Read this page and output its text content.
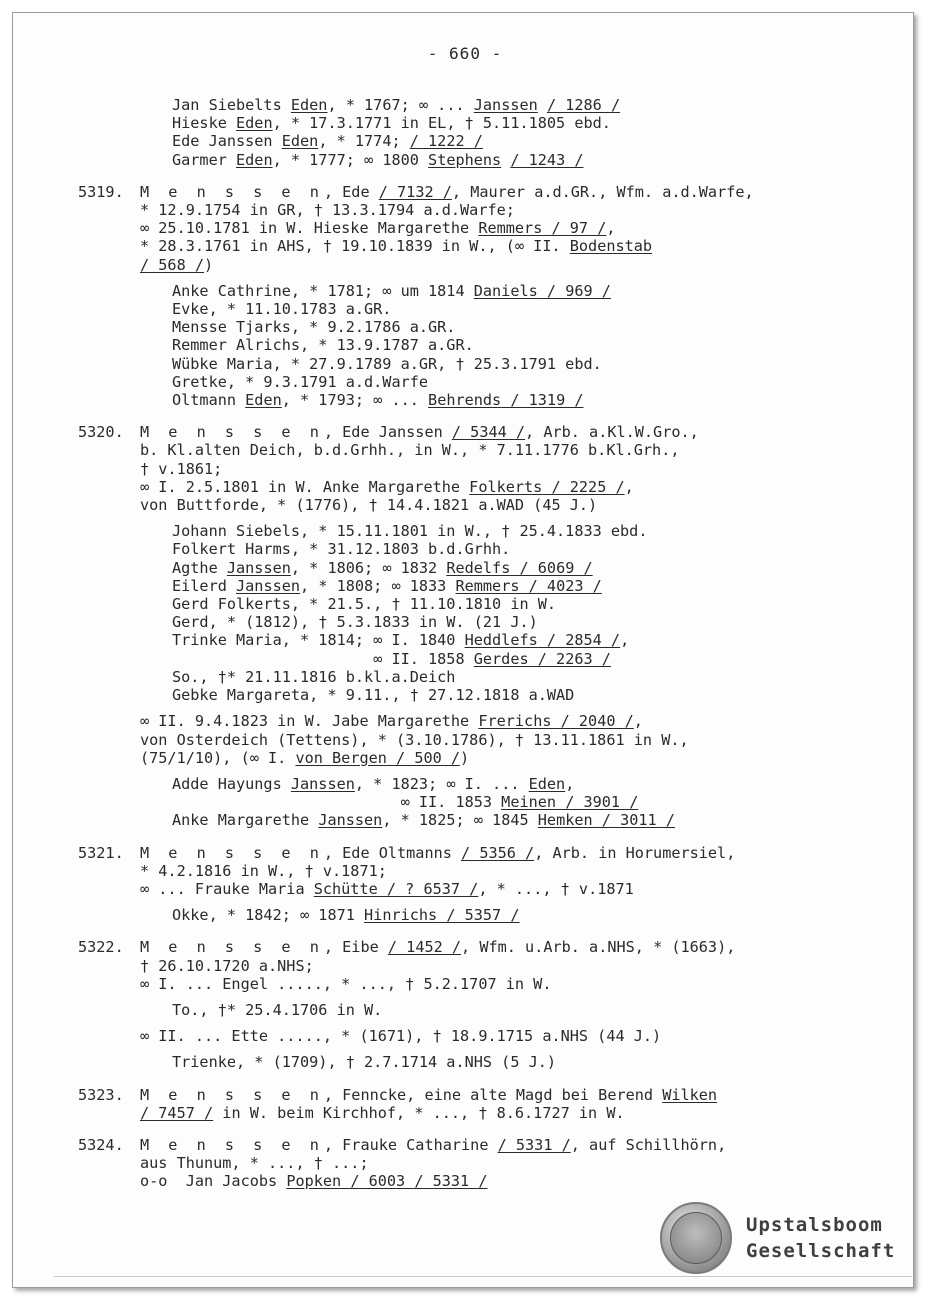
- 660 -
Jan Siebelts Eden, * 1767; ∞ ... Janssen / 1286 /
Hieske Eden, * 17.3.1771 in EL, † 5.11.1805 ebd.
Ede Janssen Eden, * 1774; / 1222 /
Garmer Eden, * 1777; ∞ 1800 Stephens / 1243 /
5319.	M e n s s e n, Ede / 7132 /, Maurer a.d.GR., Wfm. a.d.Warfe,
* 12.9.1754 in GR, † 13.3.1794 a.d.Warfe;
∞ 25.10.1781 in W. Hieske Margarethe Remmers / 97 /,
* 28.3.1761 in AHS, † 19.10.1839 in W., (∞ II. Bodenstab
/ 568 /)
Anke Cathrine, * 1781; ∞ um 1814 Daniels / 969 /
Evke, * 11.10.1783 a.GR.
Mensse Tjarks, * 9.2.1786 a.GR.
Remmer Alrichs, * 13.9.1787 a.GR.
Wübke Maria, * 27.9.1789 a.GR, † 25.3.1791 ebd.
Gretke, * 9.3.1791 a.d.Warfe
Oltmann Eden, * 1793; ∞ ... Behrends / 1319 /
5320.	M e n s s e n, Ede Janssen / 5344 /, Arb. a.Kl.W.Gro.,
b. Kl.alten Deich, b.d.Grhh., in W., * 7.11.1776 b.Kl.Grh.,
† v.1861;
∞ I. 2.5.1801 in W. Anke Margarethe Folkerts / 2225 /,
von Buttforde, * (1776), † 14.4.1821 a.WAD (45 J.)
Johann Siebels, * 15.11.1801 in W., † 25.4.1833 ebd.
Folkert Harms, * 31.12.1803 b.d.Grhh.
Agthe Janssen, * 1806; ∞ 1832 Redelfs / 6069 /
Eilerd Janssen, * 1808; ∞ 1833 Remmers / 4023 /
Gerd Folkerts, * 21.5., † 11.10.1810 in W.
Gerd, * (1812), † 5.3.1833 in W. (21 J.)
Trinke Maria, * 1814; ∞ I. 1840 Heddlefs / 2854 /,
∞ II. 1858 Gerdes / 2263 /
So., †* 21.11.1816 b.kl.a.Deich
Gebke Margareta, * 9.11., † 27.12.1818 a.WAD
∞ II. 9.4.1823 in W. Jabe Margarethe Frerichs / 2040 /,
von Osterdeich (Tettens), * (3.10.1786), † 13.11.1861 in W.,
(75/1/10), (∞ I. von Bergen / 500 /)
Adde Hayungs Janssen, * 1823; ∞ I. ... Eden,
∞ II. 1853 Meinen / 3901 /
Anke Margarethe Janssen, * 1825; ∞ 1845 Hemken / 3011 /
5321.	M e n s s e n, Ede Oltmanns / 5356 /, Arb. in Horumersiel,
* 4.2.1816 in W., † v.1871;
∞ ... Frauke Maria Schütte / ? 6537 /, * ..., † v.1871
Okke, * 1842; ∞ 1871 Hinrichs / 5357 /
5322.	M e n s s e n, Eibe / 1452 /, Wfm. u.Arb. a.NHS, * (1663),
† 26.10.1720 a.NHS;
∞ I. ... Engel ....., * ..., † 5.2.1707 in W.
To., †* 25.4.1706 in W.
∞ II. ... Ette ....., * (1671), † 18.9.1715 a.NHS (44 J.)
Trienke, * (1709), † 2.7.1714 a.NHS (5 J.)
5323.	M e n s s e n, Fenncke, eine alte Magd bei Berend Wilken
/ 7457 / in W. beim Kirchhof, * ..., † 8.6.1727 in W.
5324.	M e n s s e n, Frauke Catharine / 5331 /, auf Schillhörn,
aus Thunum, * ..., † ...;
o-o  Jan Jacobs Popken / 6003 / 5331 /
Upstalsboom
Gesellschaft
